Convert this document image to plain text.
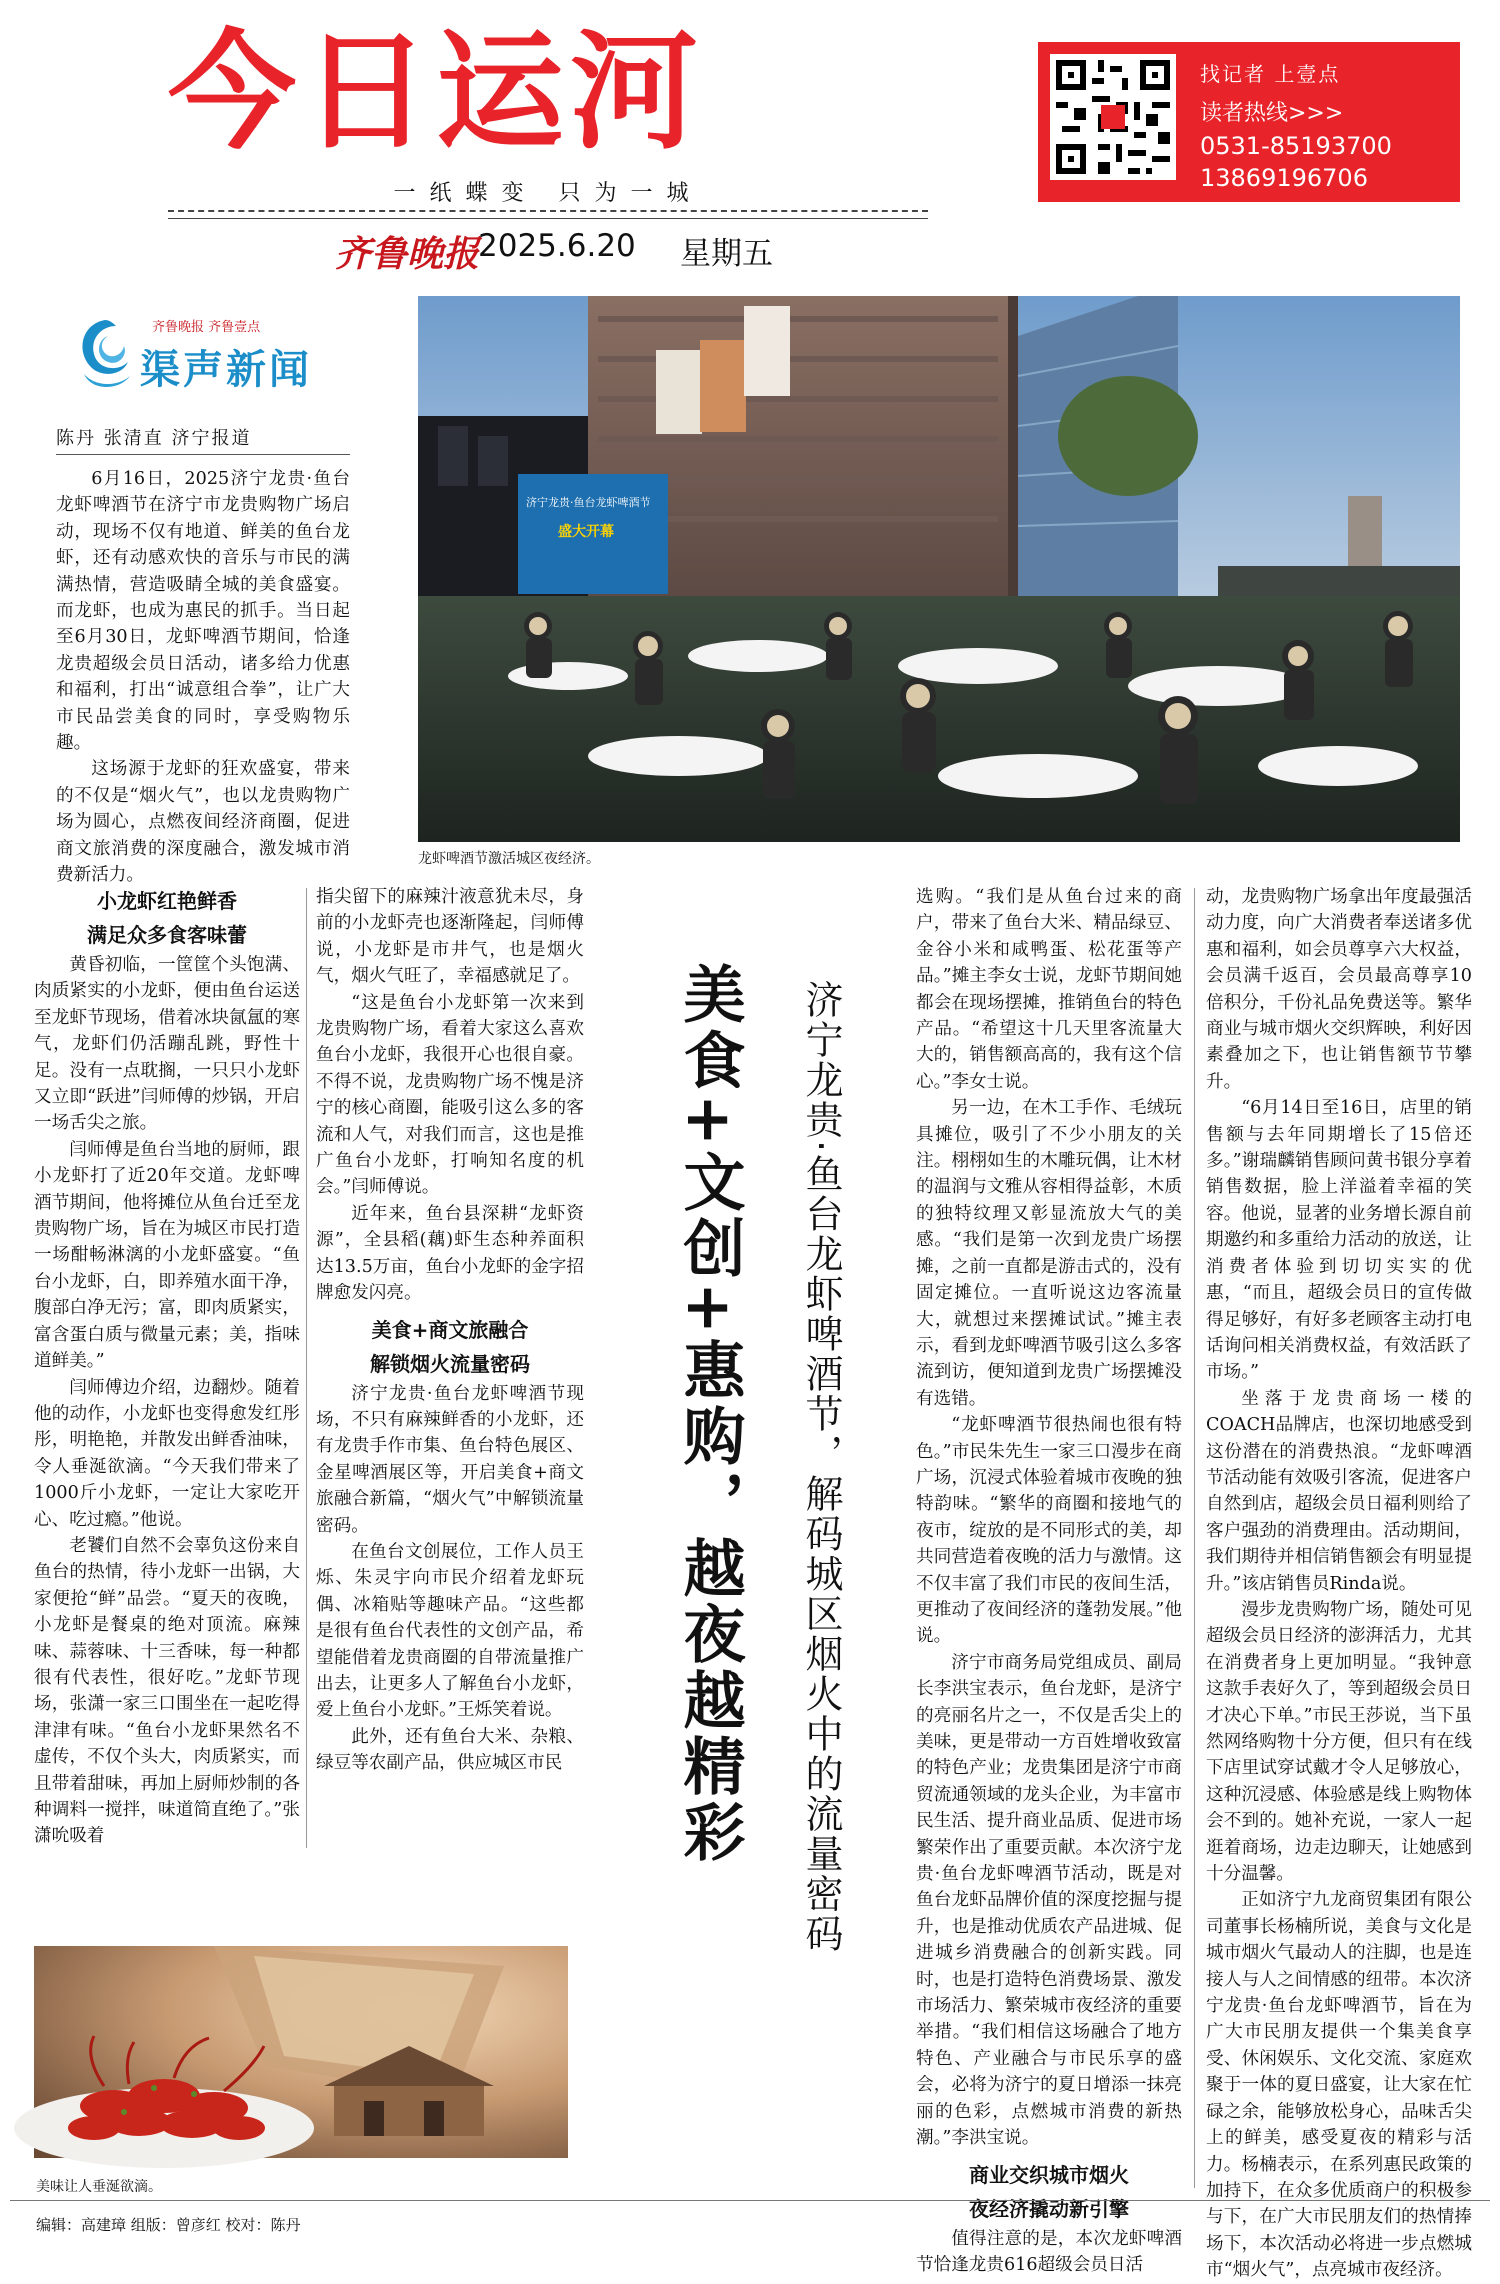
今日运河
一纸蝶变 只为一城
齐鲁晚报
2025.6.20 星期五
找记者 上壹点
读者热线>>>
0531-85193700
13869196706
齐鲁晚报 齐鲁壹点
渠声新闻
陈丹 张清直 济宁报道

6月16日，2025济宁龙贵·鱼台龙虾啤酒节在济宁市龙贵购物广场启动，现场不仅有地道、鲜美的鱼台龙虾，还有动感欢快的音乐与市民的满满热情，营造吸睛全城的美食盛宴。而龙虾，也成为惠民的抓手。当日起至6月30日，龙虾啤酒节期间，恰逢龙贵超级会员日活动，诸多给力优惠和福利，打出“诚意组合拳”，让广大市民品尝美食的同时，享受购物乐趣。

这场源于龙虾的狂欢盛宴，带来的不仅是“烟火气”，也以龙贵购物广场为圆心，点燃夜间经济商圈，促进商文旅消费的深度融合，激发城市消费新活力。

济宁龙贵·鱼台龙虾啤酒节
盛大开幕
龙虾啤酒节激活城区夜经济。
美食+文创+惠购，越夜越精彩	济宁龙贵·鱼台龙虾啤酒节，解码城区烟火中的流量密码
小龙虾红艳鲜香
满足众多食客味蕾

黄昏初临，一筐筐个头饱满、肉质紧实的小龙虾，便由鱼台运送至龙虾节现场，借着冰块氤氲的寒气，龙虾们仍活蹦乱跳，野性十足。没有一点耽搁，一只只小龙虾又立即“跃进”闫师傅的炒锅，开启一场舌尖之旅。

闫师傅是鱼台当地的厨师，跟小龙虾打了近20年交道。龙虾啤酒节期间，他将摊位从鱼台迁至龙贵购物广场，旨在为城区市民打造一场酣畅淋漓的小龙虾盛宴。“鱼台小龙虾，白，即养殖水面干净，腹部白净无污；富，即肉质紧实，富含蛋白质与微量元素；美，指味道鲜美。”

闫师傅边介绍，边翻炒。随着他的动作，小龙虾也变得愈发红彤彤，明艳艳，并散发出鲜香油味，令人垂涎欲滴。“今天我们带来了1000斤小龙虾，一定让大家吃开心、吃过瘾。”他说。

老饕们自然不会辜负这份来自鱼台的热情，待小龙虾一出锅，大家便抢“鲜”品尝。“夏天的夜晚，小龙虾是餐桌的绝对顶流。麻辣味、蒜蓉味、十三香味，每一种都很有代表性，很好吃。”龙虾节现场，张潇一家三口围坐在一起吃得津津有味。“鱼台小龙虾果然名不虚传，不仅个头大，肉质紧实，而且带着甜味，再加上厨师炒制的各种调料一搅拌，味道简直绝了。”张潇吮吸着

指尖留下的麻辣汁液意犹未尽，身前的小龙虾壳也逐渐隆起，闫师傅说，小龙虾是市井气，也是烟火气，烟火气旺了，幸福感就足了。

“这是鱼台小龙虾第一次来到龙贵购物广场，看着大家这么喜欢鱼台小龙虾，我很开心也很自豪。不得不说，龙贵购物广场不愧是济宁的核心商圈，能吸引这么多的客流和人气，对我们而言，这也是推广鱼台小龙虾，打响知名度的机会。”闫师傅说。

近年来，鱼台县深耕“龙虾资源”，全县稻(藕)虾生态种养面积达13.5万亩，鱼台小龙虾的金字招牌愈发闪亮。

美食+商文旅融合
解锁烟火流量密码

济宁龙贵·鱼台龙虾啤酒节现场，不只有麻辣鲜香的小龙虾，还有龙贵手作市集、鱼台特色展区、金星啤酒展区等，开启美食+商文旅融合新篇，“烟火气”中解锁流量密码。

在鱼台文创展位，工作人员王烁、朱灵宇向市民介绍着龙虾玩偶、冰箱贴等趣味产品。“这些都是很有鱼台代表性的文创产品，希望能借着龙贵商圈的自带流量推广出去，让更多人了解鱼台小龙虾，爱上鱼台小龙虾。”王烁笑着说。

此外，还有鱼台大米、杂粮、绿豆等农副产品，供应城区市民

选购。“我们是从鱼台过来的商户，带来了鱼台大米、精品绿豆、金谷小米和咸鸭蛋、松花蛋等产品。”摊主李女士说，龙虾节期间她都会在现场摆摊，推销鱼台的特色产品。“希望这十几天里客流量大大的，销售额高高的，我有这个信心。”李女士说。

另一边，在木工手作、毛绒玩具摊位，吸引了不少小朋友的关注。栩栩如生的木雕玩偶，让木材的温润与文雅从容相得益彰，木质的独特纹理又彰显流放大气的美感。“我们是第一次到龙贵广场摆摊，之前一直都是游击式的，没有固定摊位。一直听说这边客流量大，就想过来摆摊试试。”摊主表示，看到龙虾啤酒节吸引这么多客流到访，便知道到龙贵广场摆摊没有选错。

“龙虾啤酒节很热闹也很有特色。”市民朱先生一家三口漫步在商广场，沉浸式体验着城市夜晚的独特韵味。“繁华的商圈和接地气的夜市，绽放的是不同形式的美，却共同营造着夜晚的活力与激情。这不仅丰富了我们市民的夜间生活，更推动了夜间经济的蓬勃发展。”他说。

济宁市商务局党组成员、副局长李洪宝表示，鱼台龙虾，是济宁的亮丽名片之一，不仅是舌尖上的美味，更是带动一方百姓增收致富的特色产业；龙贵集团是济宁市商贸流通领域的龙头企业，为丰富市民生活、提升商业品质、促进市场繁荣作出了重要贡献。本次济宁龙贵·鱼台龙虾啤酒节活动，既是对鱼台龙虾品牌价值的深度挖掘与提升，也是推动优质农产品进城、促进城乡消费融合的创新实践。同时，也是打造特色消费场景、激发市场活力、繁荣城市夜经济的重要举措。“我们相信这场融合了地方特色、产业融合与市民乐享的盛会，必将为济宁的夏日增添一抹亮丽的色彩，点燃城市消费的新热潮。”李洪宝说。

商业交织城市烟火
夜经济撬动新引擎

值得注意的是，本次龙虾啤酒节恰逢龙贵616超级会员日活

动，龙贵购物广场拿出年度最强活动力度，向广大消费者奉送诸多优惠和福利，如会员尊享六大权益，会员满千返百，会员最高尊享10倍积分，千份礼品免费送等。繁华商业与城市烟火交织辉映，利好因素叠加之下，也让销售额节节攀升。

“6月14日至16日，店里的销售额与去年同期增长了15倍还多。”谢瑞麟销售顾问黄书银分享着销售数据，脸上洋溢着幸福的笑容。他说，显著的业务增长源自前期邀约和多重给力活动的放送，让消费者体验到切切实实的优惠，“而且，超级会员日的宣传做得足够好，有好多老顾客主动打电话询问相关消费权益，有效活跃了市场。”

坐落于龙贵商场一楼的COACH品牌店，也深切地感受到这份潜在的消费热浪。“龙虾啤酒节活动能有效吸引客流，促进客户自然到店，超级会员日福利则给了客户强劲的消费理由。活动期间，我们期待并相信销售额会有明显提升。”该店销售员Rinda说。

漫步龙贵购物广场，随处可见超级会员日经济的澎湃活力，尤其在消费者身上更加明显。“我钟意这款手表好久了，等到超级会员日才决心下单。”市民王莎说，当下虽然网络购物十分方便，但只有在线下店里试穿试戴才令人足够放心，这种沉浸感、体验感是线上购物体会不到的。她补充说，一家人一起逛着商场，边走边聊天，让她感到十分温馨。

正如济宁九龙商贸集团有限公司董事长杨楠所说，美食与文化是城市烟火气最动人的注脚，也是连接人与人之间情感的纽带。本次济宁龙贵·鱼台龙虾啤酒节，旨在为广大市民朋友提供一个集美食享受、休闲娱乐、文化交流、家庭欢聚于一体的夏日盛宴，让大家在忙碌之余，能够放松身心，品味舌尖上的鲜美，感受夏夜的精彩与活力。杨楠表示，在系列惠民政策的加持下，在众多优质商户的积极参与下，在广大市民朋友们的热情捧场下，本次活动必将进一步点燃城市“烟火气”，点亮城市夜经济。

美味让人垂涎欲滴。
编辑：高建璋 组版：曾彦红 校对：陈丹
